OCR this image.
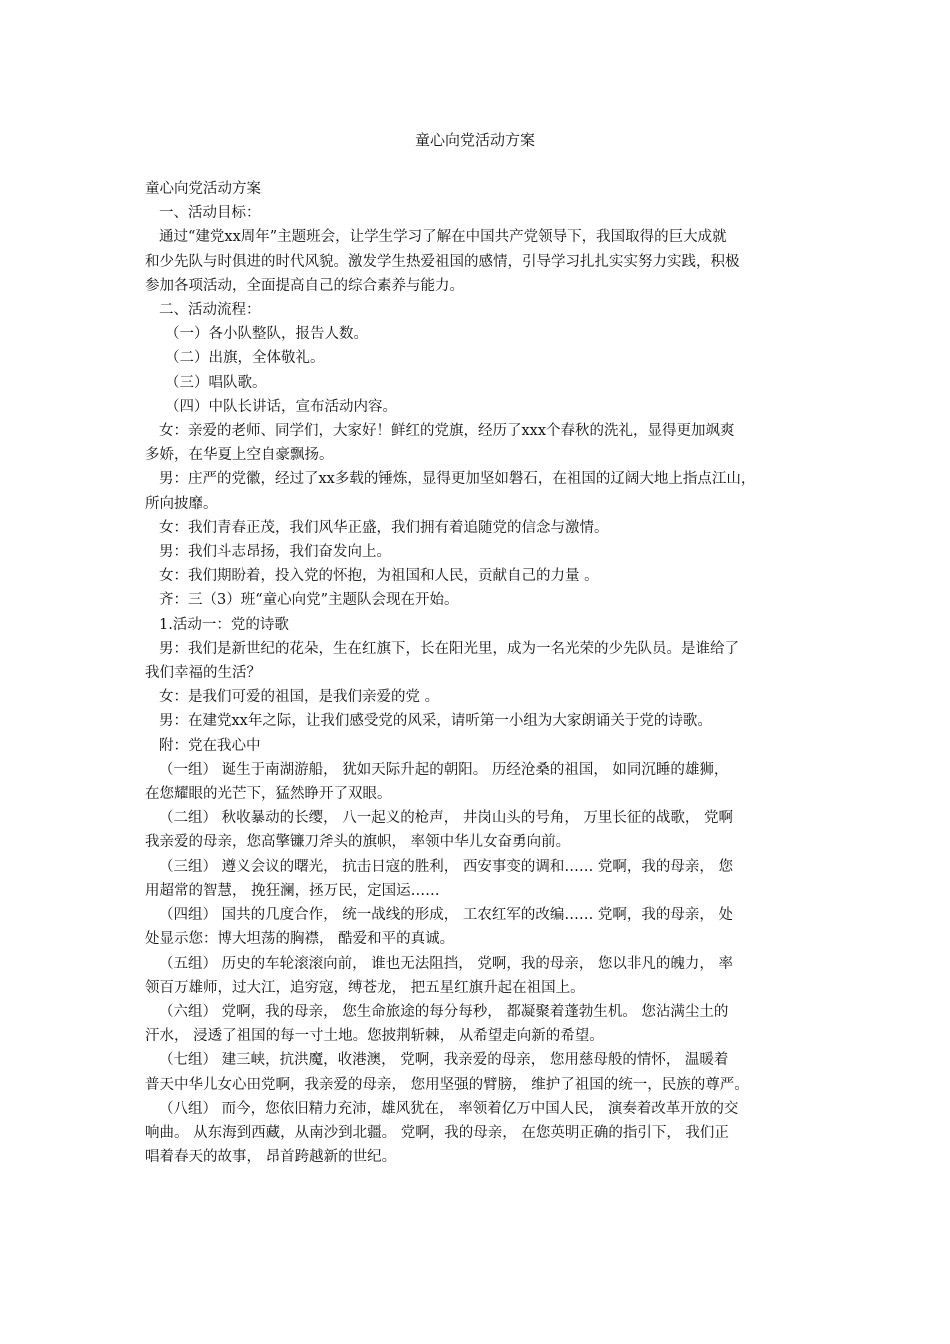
童心向党活动方案

童心向党活动方案

一、活动目标：

通过“建党xx周年”主题班会，让学生学习了解在中国共产党领导下，我国取得的巨大成就

和少先队与时俱进的时代风貌。激发学生热爱祖国的感情，引导学习扎扎实实努力实践，积极

参加各项活动，全面提高自己的综合素养与能力。

二、活动流程：

（一）各小队整队，报告人数。

（二）出旗，全体敬礼。

（三）唱队歌。

（四）中队长讲话，宣布活动内容。

女：亲爱的老师、同学们，大家好！鲜红的党旗，经历了xxx个春秋的洗礼，显得更加飒爽

多娇，在华夏上空自豪飘扬。

男：庄严的党徽，经过了xx多载的锤炼，显得更加坚如磐石，在祖国的辽阔大地上指点江山，

所向披靡。

女：我们青春正茂，我们风华正盛，我们拥有着追随党的信念与激情。

男：我们斗志昂扬，我们奋发向上。

女：我们期盼着，投入党的怀抱，为祖国和人民，贡献自己的力量 。

齐：三（3）班“童心向党”主题队会现在开始。

1.活动一：党的诗歌

男：我们是新世纪的花朵，生在红旗下，长在阳光里，成为一名光荣的少先队员。是谁给了

我们幸福的生活？

女：是我们可爱的祖国，是我们亲爱的党 。

男：在建党xx年之际，让我们感受党的风采，请听第一小组为大家朗诵关于党的诗歌。

附：党在我心中

（一组） 诞生于南湖游船， 犹如天际升起的朝阳。 历经沧桑的祖国， 如同沉睡的雄狮，

在您耀眼的光芒下，猛然睁开了双眼。

（二组） 秋收暴动的长缨， 八一起义的枪声， 井岗山头的号角， 万里长征的战歌， 党啊

我亲爱的母亲，您高擎镰刀斧头的旗帜， 率领中华儿女奋勇向前。

（三组） 遵义会议的曙光， 抗击日寇的胜利， 西安事变的调和…… 党啊，我的母亲， 您

用超常的智慧， 挽狂澜，拯万民，定国运……

（四组） 国共的几度合作， 统一战线的形成， 工农红军的改编…… 党啊，我的母亲， 处

处显示您：博大坦荡的胸襟， 酷爱和平的真诚。

（五组） 历史的车轮滚滚向前， 谁也无法阻挡， 党啊，我的母亲， 您以非凡的魄力， 率

领百万雄师，过大江，追穷寇，缚苍龙， 把五星红旗升起在祖国上。

（六组） 党啊，我的母亲， 您生命旅途的每分每秒， 都凝聚着蓬勃生机。 您沾满尘土的

汗水， 浸透了祖国的每一寸土地。您披荆斩棘， 从希望走向新的希望。

（七组） 建三峡，抗洪魔，收港澳， 党啊，我亲爱的母亲， 您用慈母般的情怀， 温暖着

普天中华儿女心田党啊，我亲爱的母亲， 您用坚强的臂膀， 维护了祖国的统一，民族的尊严。

（八组） 而今，您依旧精力充沛，雄风犹在， 率领着亿万中国人民， 演奏着改革开放的交

响曲。 从东海到西藏，从南沙到北疆。 党啊，我的母亲， 在您英明正确的指引下， 我们正

唱着春天的故事， 昂首跨越新的世纪。
